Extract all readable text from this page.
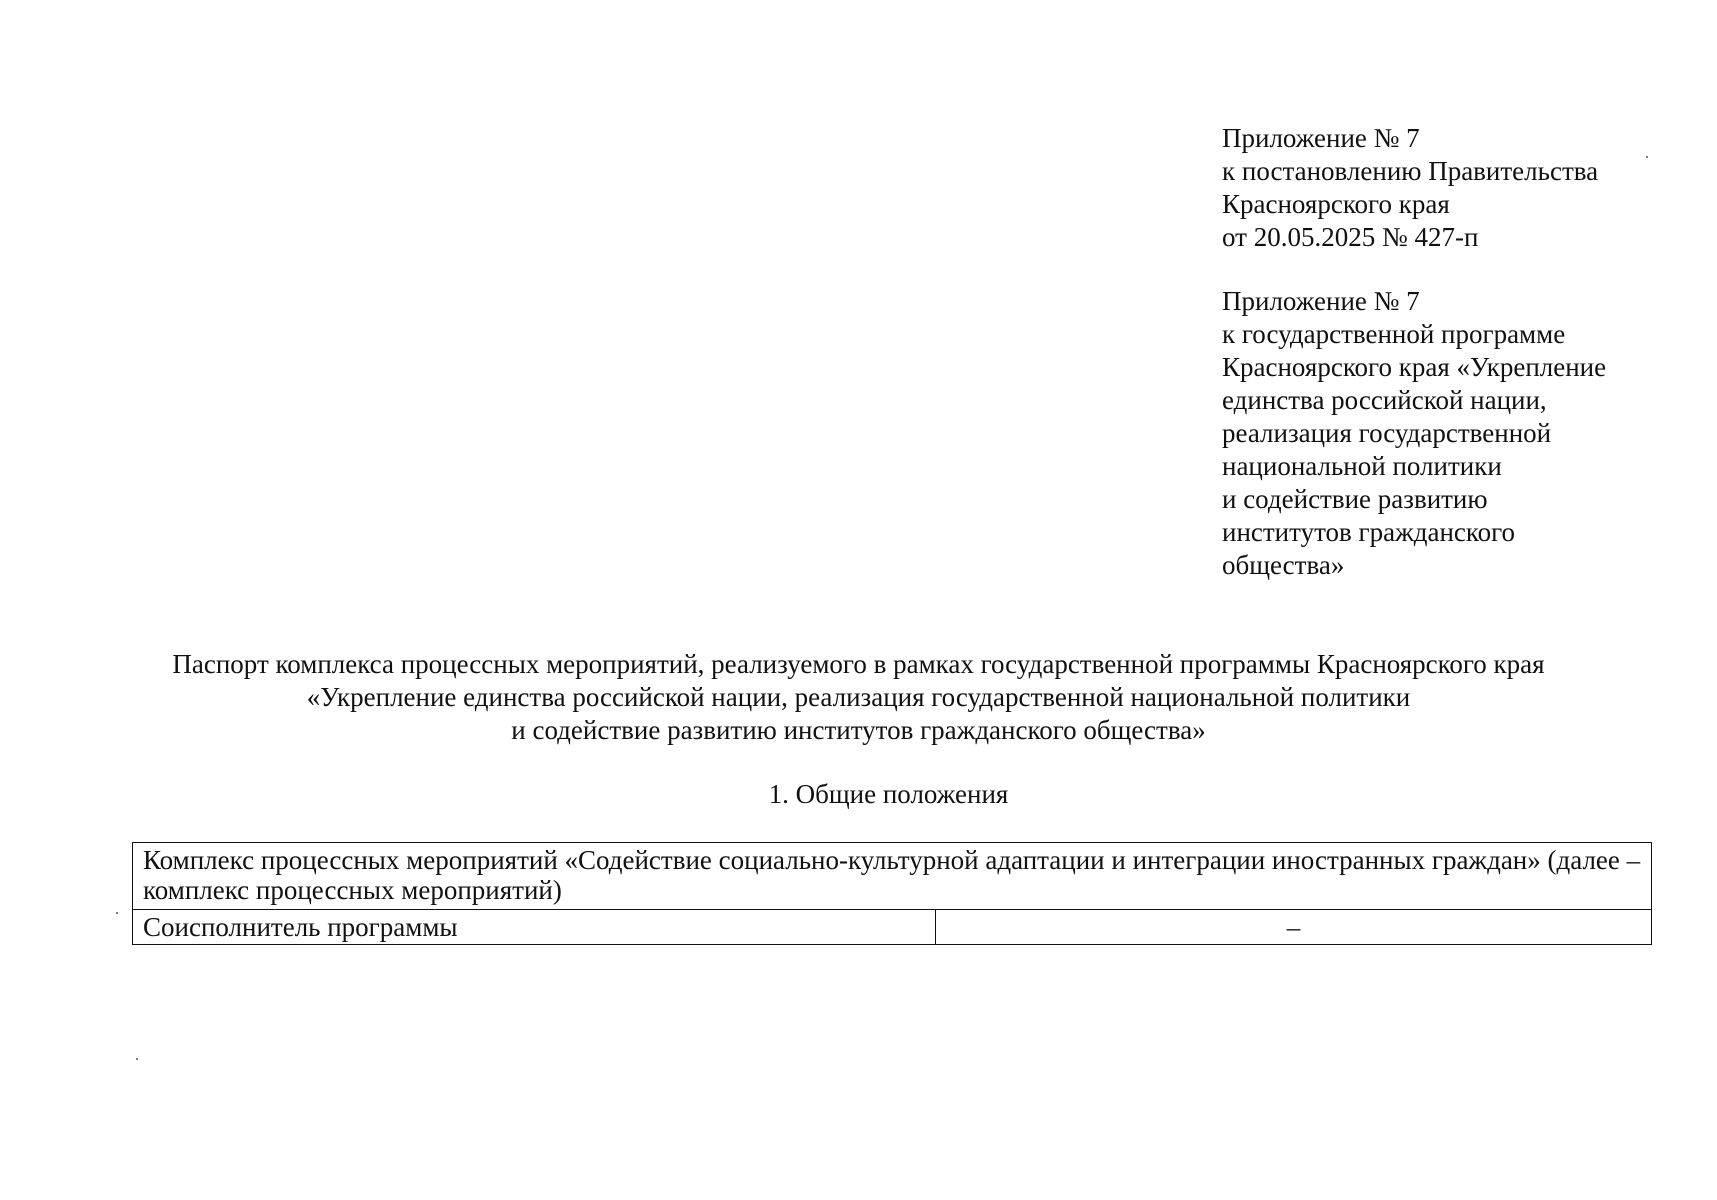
Приложение № 7
к постановлению Правительства
Красноярского края
от 20.05.2025 № 427-п
Приложение № 7
к государственной программе
Красноярского края «Укрепление
единства российской нации,
реализация государственной
национальной политики
и содействие развитию
институтов гражданского
общества»
Паспорт комплекса процессных мероприятий, реализуемого в рамках государственной программы Красноярского края
«Укрепление единства российской нации, реализация государственной национальной политики
и содействие развитию институтов гражданского общества»
1. Общие положения
Комплекс процессных мероприятий «Содействие социально-культурной адаптации и интеграции иностранных граждан» (далее – комплекс процессных мероприятий)
Соисполнитель программы	–
